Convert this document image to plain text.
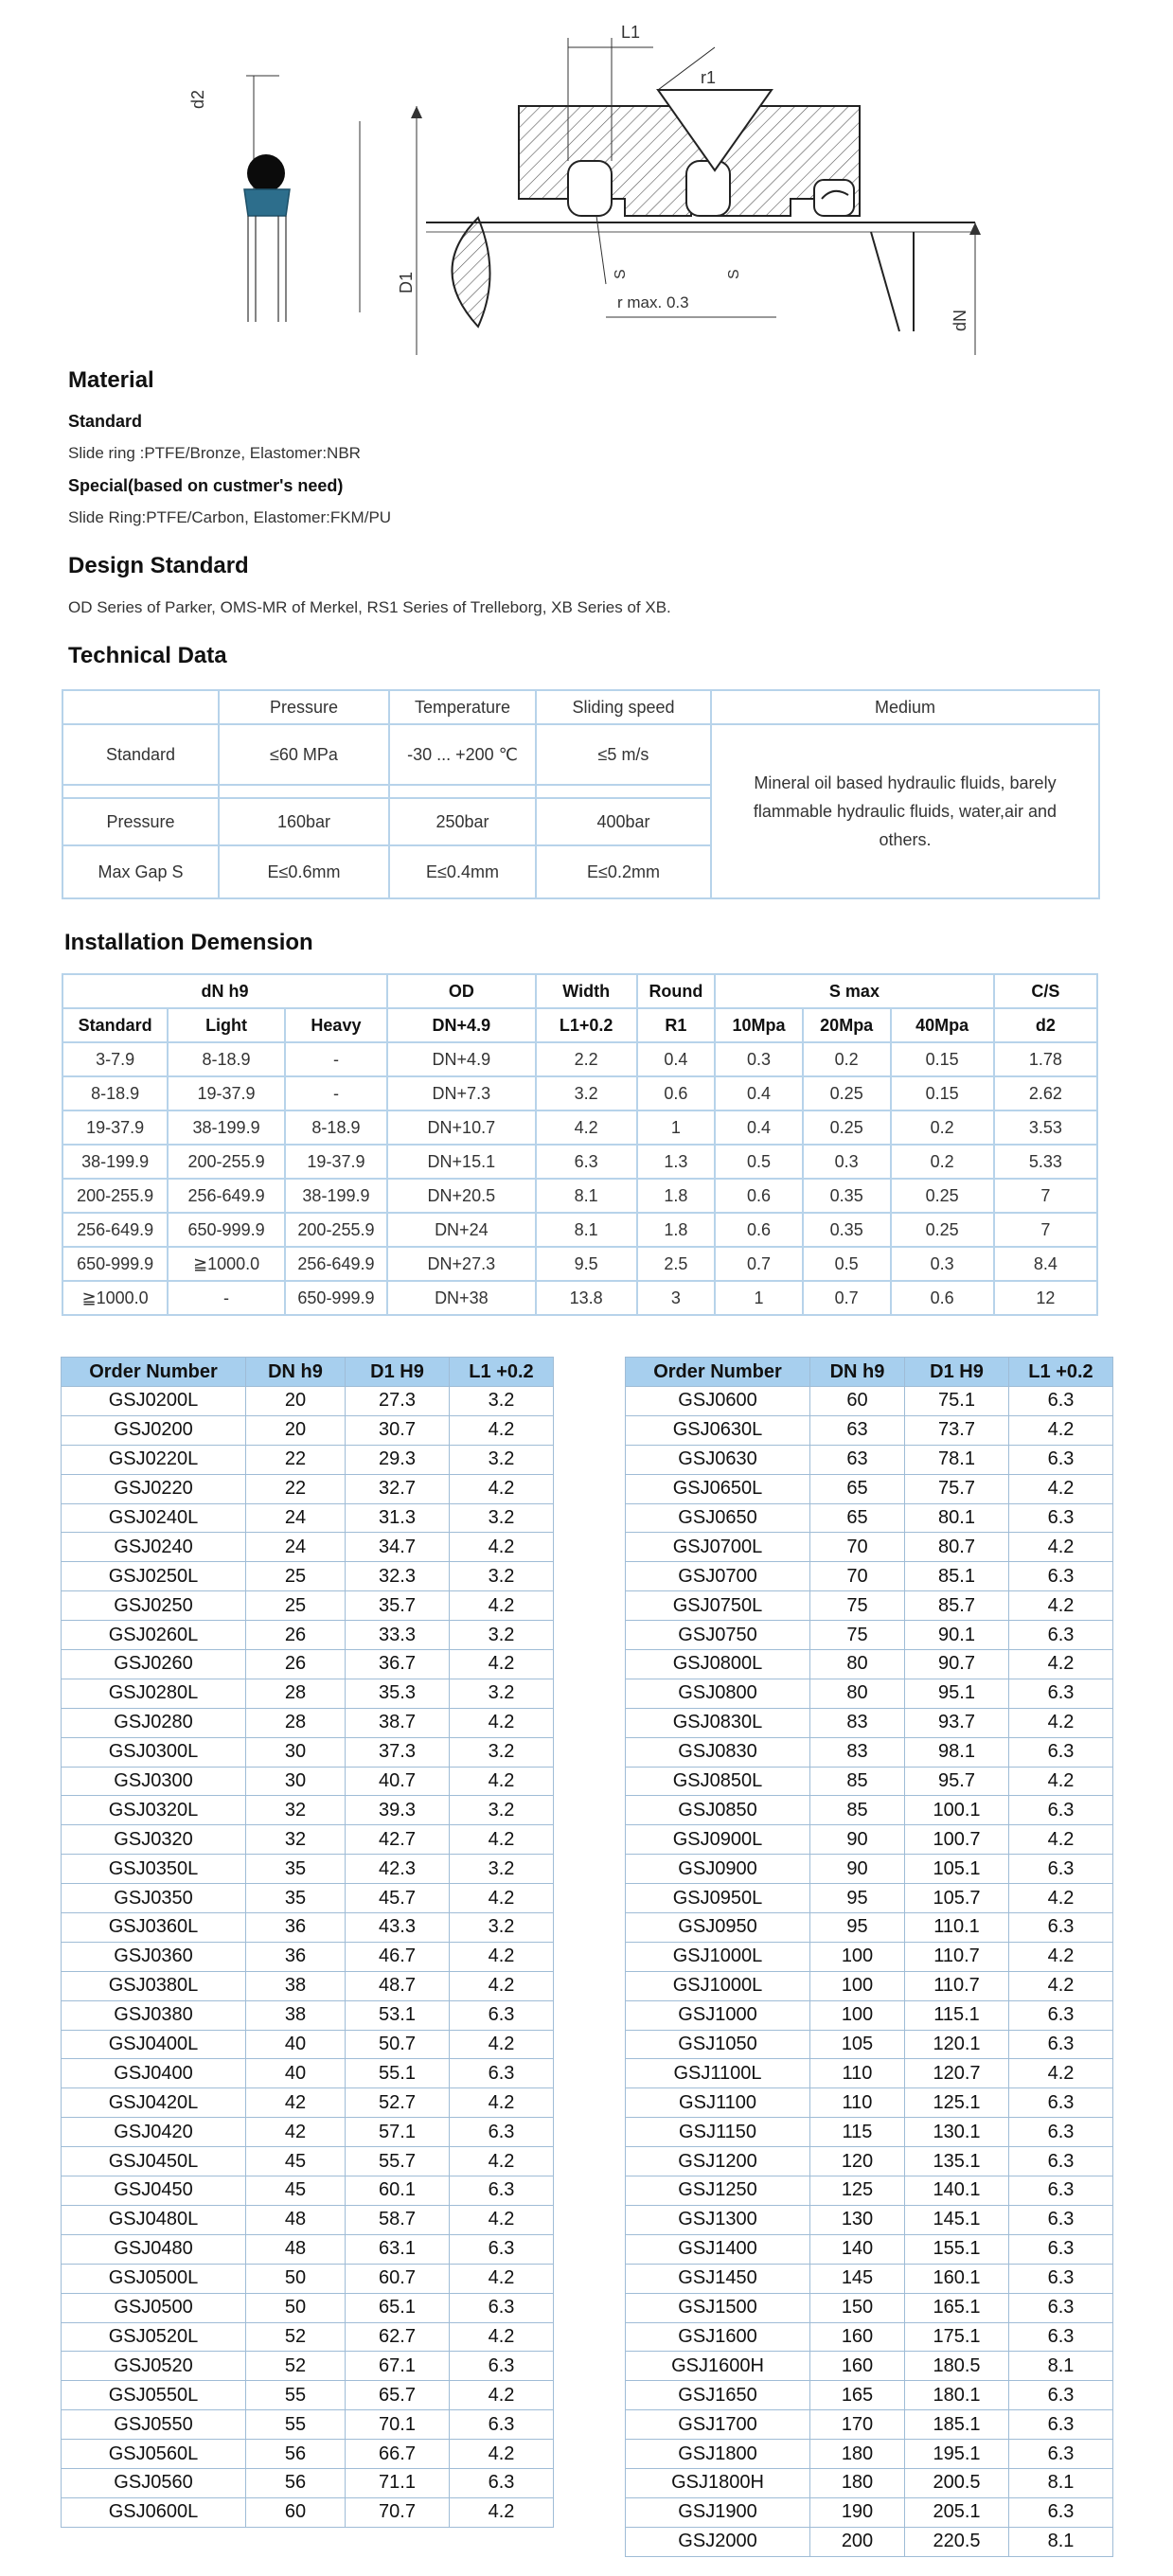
d2
r1
L1
D1
dN
S	S
r max. 0.3
Material

Standard

Slide ring :PTFE/Bronze, Elastomer:NBR

Special(based on custmer's need)

Slide Ring:PTFE/Carbon, Elastomer:FKM/PU

Design Standard

OD Series of Parker, OMS-MR of Merkel, RS1 Series of Trelleborg, XB Series of XB.

Technical Data
	Pressure	Temperature	Sliding speed	Medium
Standard	≤60 MPa	-30 ... +200 ℃	≤5 m/s	Mineral oil based hydraulic fluids, barely flammable hydraulic fluids, water,air and others.

Pressure	160bar	250bar	400bar	
Max Gap S	E≤0.6mm	E≤0.4mm	E≤0.2mm	
Installation Demension
dN h9			OD	Width	Round	S max			C/S
Standard	Light	Heavy	DN+4.9	L1+0.2	R1	10Mpa	20Mpa	40Mpa	d2
3-7.9	8-18.9	-	DN+4.9	2.2	0.4	0.3	0.2	0.15	1.78
8-18.9	19-37.9	-	DN+7.3	3.2	0.6	0.4	0.25	0.15	2.62
19-37.9	38-199.9	8-18.9	DN+10.7	4.2	1	0.4	0.25	0.2	3.53
38-199.9	200-255.9	19-37.9	DN+15.1	6.3	1.3	0.5	0.3	0.2	5.33
200-255.9	256-649.9	38-199.9	DN+20.5	8.1	1.8	0.6	0.35	0.25	7
256-649.9	650-999.9	200-255.9	DN+24	8.1	1.8	0.6	0.35	0.25	7
650-999.9	≧1000.0	256-649.9	DN+27.3	9.5	2.5	0.7	0.5	0.3	8.4
≧1000.0	-	650-999.9	DN+38	13.8	3	1	0.7	0.6	12
Order Number	DN h9	D1 H9	L1 +0.2
GSJ0200L	20	27.3	3.2
GSJ0200	20	30.7	4.2
GSJ0220L	22	29.3	3.2
GSJ0220	22	32.7	4.2
GSJ0240L	24	31.3	3.2
GSJ0240	24	34.7	4.2
GSJ0250L	25	32.3	3.2
GSJ0250	25	35.7	4.2
GSJ0260L	26	33.3	3.2
GSJ0260	26	36.7	4.2
GSJ0280L	28	35.3	3.2
GSJ0280	28	38.7	4.2
GSJ0300L	30	37.3	3.2
GSJ0300	30	40.7	4.2
GSJ0320L	32	39.3	3.2
GSJ0320	32	42.7	4.2
GSJ0350L	35	42.3	3.2
GSJ0350	35	45.7	4.2
GSJ0360L	36	43.3	3.2
GSJ0360	36	46.7	4.2
GSJ0380L	38	48.7	4.2
GSJ0380	38	53.1	6.3
GSJ0400L	40	50.7	4.2
GSJ0400	40	55.1	6.3
GSJ0420L	42	52.7	4.2
GSJ0420	42	57.1	6.3
GSJ0450L	45	55.7	4.2
GSJ0450	45	60.1	6.3
GSJ0480L	48	58.7	4.2
GSJ0480	48	63.1	6.3
GSJ0500L	50	60.7	4.2
GSJ0500	50	65.1	6.3
GSJ0520L	52	62.7	4.2
GSJ0520	52	67.1	6.3
GSJ0550L	55	65.7	4.2
GSJ0550	55	70.1	6.3
GSJ0560L	56	66.7	4.2
GSJ0560	56	71.1	6.3
GSJ0600L	60	70.7	4.2
Order Number	DN h9	D1 H9	L1 +0.2
GSJ0600	60	75.1	6.3
GSJ0630L	63	73.7	4.2
GSJ0630	63	78.1	6.3
GSJ0650L	65	75.7	4.2
GSJ0650	65	80.1	6.3
GSJ0700L	70	80.7	4.2
GSJ0700	70	85.1	6.3
GSJ0750L	75	85.7	4.2
GSJ0750	75	90.1	6.3
GSJ0800L	80	90.7	4.2
GSJ0800	80	95.1	6.3
GSJ0830L	83	93.7	4.2
GSJ0830	83	98.1	6.3
GSJ0850L	85	95.7	4.2
GSJ0850	85	100.1	6.3
GSJ0900L	90	100.7	4.2
GSJ0900	90	105.1	6.3
GSJ0950L	95	105.7	4.2
GSJ0950	95	110.1	6.3
GSJ1000L	100	110.7	4.2
GSJ1000L	100	110.7	4.2
GSJ1000	100	115.1	6.3
GSJ1050	105	120.1	6.3
GSJ1100L	110	120.7	4.2
GSJ1100	110	125.1	6.3
GSJ1150	115	130.1	6.3
GSJ1200	120	135.1	6.3
GSJ1250	125	140.1	6.3
GSJ1300	130	145.1	6.3
GSJ1400	140	155.1	6.3
GSJ1450	145	160.1	6.3
GSJ1500	150	165.1	6.3
GSJ1600	160	175.1	6.3
GSJ1600H	160	180.5	8.1
GSJ1650	165	180.1	6.3
GSJ1700	170	185.1	6.3
GSJ1800	180	195.1	6.3
GSJ1800H	180	200.5	8.1
GSJ1900	190	205.1	6.3
GSJ2000	200	220.5	8.1
